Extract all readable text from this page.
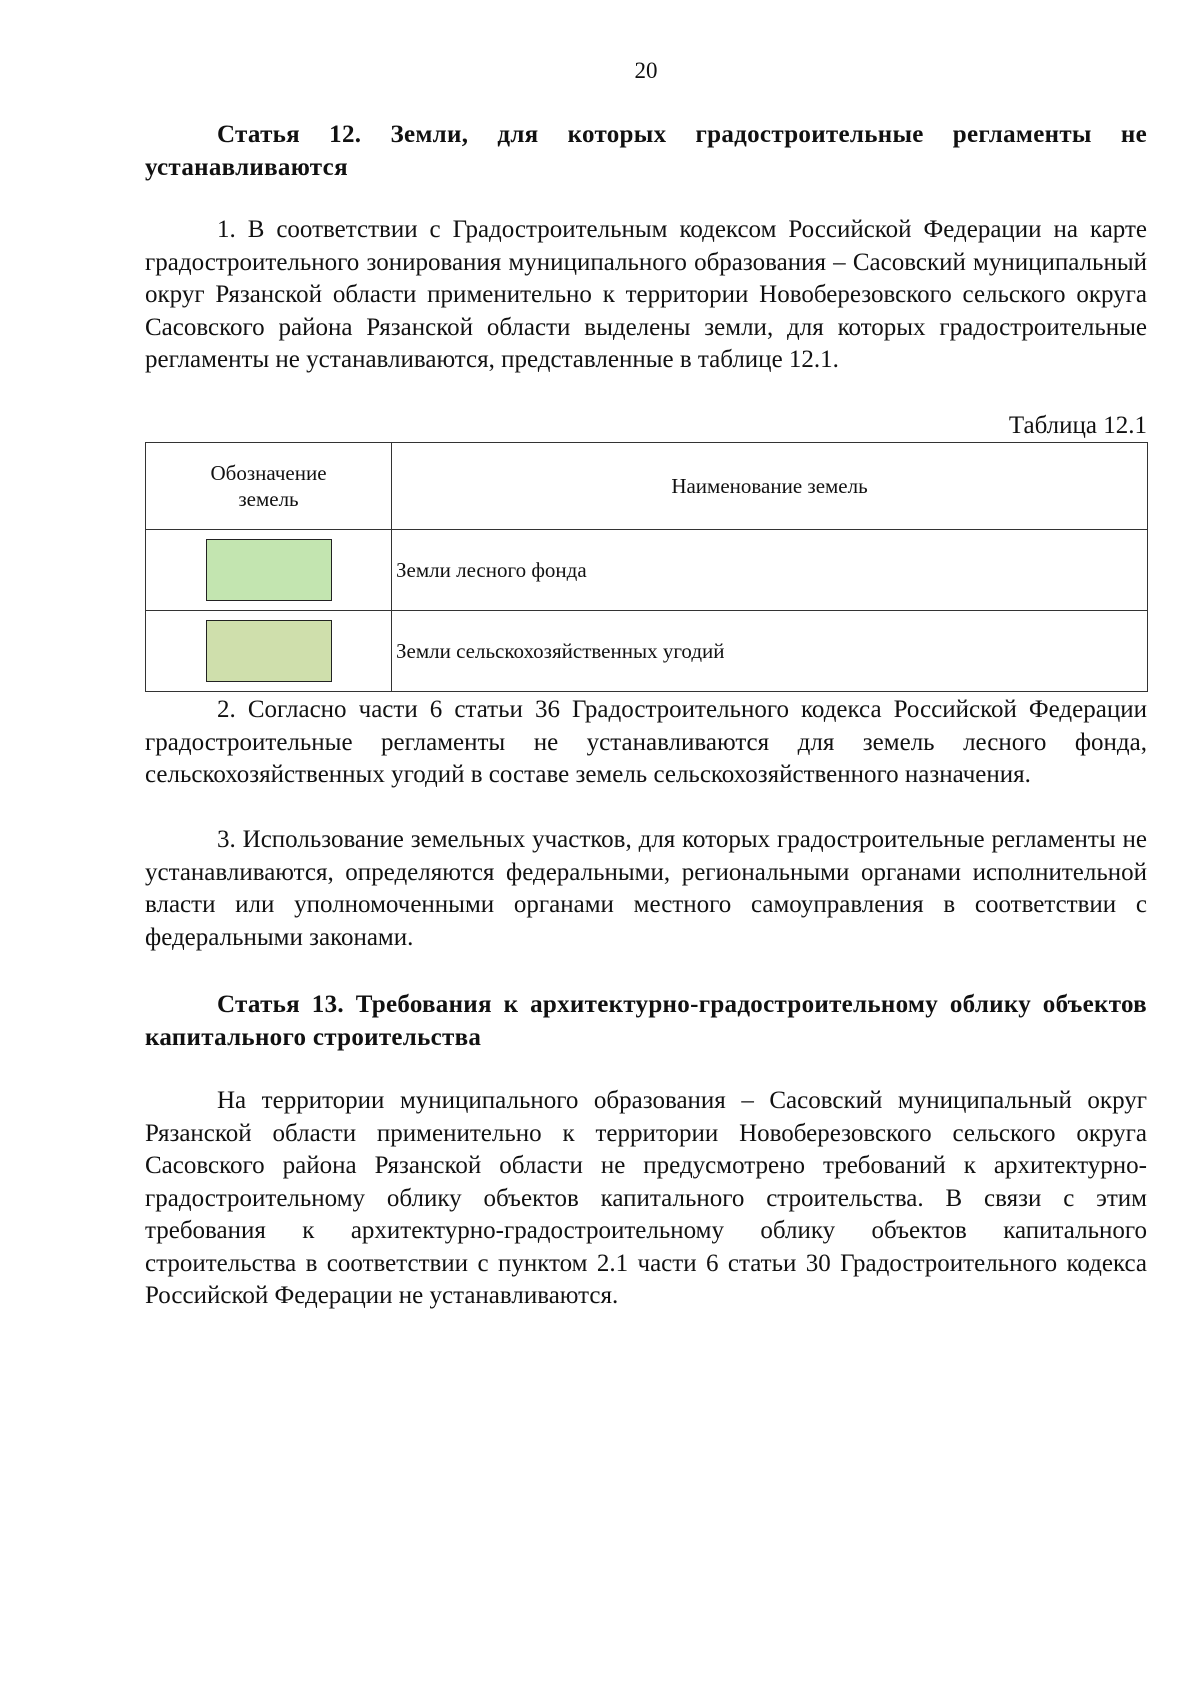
20

Статья 12. Земли, для которых градостроительные регламенты не устанавливаются

1. В соответствии с Градостроительным кодексом Российской Федерации на карте градостроительного зонирования муниципального образования – Сасовский муниципальный округ Рязанской области применительно к территории Новоберезовского сельского округа Сасовского района Рязанской области выделены земли, для которых градостроительные регламенты не устанавливаются, представленные в таблице 12.1.

Таблица 12.1

Обозначение земель	Наименование земель
	Земли лесного фонда
	Земли сельскохозяйственных угодий

2. Согласно части 6 статьи 36 Градостроительного кодекса Российской Федерации градостроительные регламенты не устанавливаются для земель лесного фонда, сельскохозяйственных угодий в составе земель сельскохозяйственного назначения.

3. Использование земельных участков, для которых градостроительные регламенты не устанавливаются, определяются федеральными, региональными органами исполнительной власти или уполномоченными органами местного самоуправления в соответствии с федеральными законами.

Статья 13. Требования к архитектурно-градостроительному облику объектов капитального строительства

На территории муниципального образования – Сасовский муниципальный округ Рязанской области применительно к территории Новоберезовского сельского округа Сасовского района Рязанской области не предусмотрено требований к архитектурно-градостроительному облику объектов капитального строительства. В связи с этим требования к архитектурно-градостроительному облику объектов капитального строительства в соответствии с пунктом 2.1 части 6 статьи 30 Градостроительного кодекса Российской Федерации не устанавливаются.
